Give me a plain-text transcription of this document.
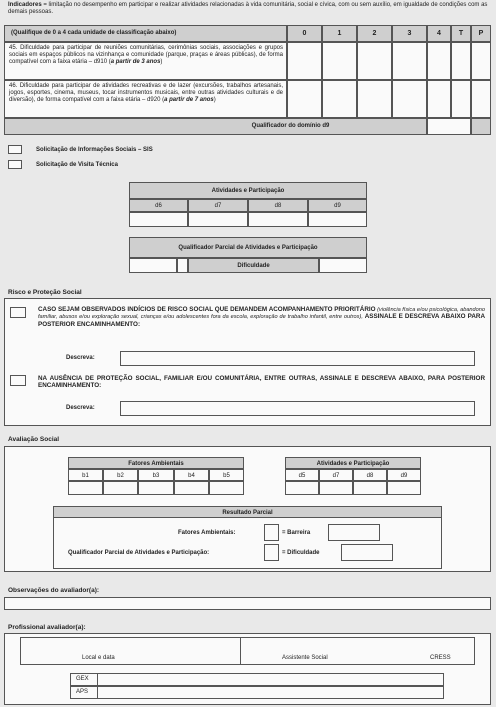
Indicadores = limitação no desempenho em participar e realizar atividades relacionadas à vida comunitária, social e cívica, com ou sem auxílio, em igualdade de condições com as demais pessoas.
(Qualifique de 0 a 4 cada unidade de classificação abaixo)	0	1	2	3	4	T	P
45. Dificuldade para participar de reuniões comunitárias, cerimônias sociais, associações e grupos sociais em espaços públicos na vizinhança e comunidade (parque, praças e áreas públicas), de forma compatível com a faixa etária – d910 (a partir de 3 anos)
46. Dificuldade para participar de atividades recreativas e de lazer (excursões, trabalhos artesanais, jogos, esportes, cinema, museus, tocar instrumentos musicais, entre outras atividades culturais e de diversão), de forma compatível com a faixa etária – d920 (a partir de 7 anos)
Qualificador do domínio d9
Solicitação de Informações Sociais – SIS
Solicitação de Visita Técnica
Atividades e Participação
d6	d7	d8	d9
Qualificador Parcial de Atividades e Participação
Dificuldade
Risco e Proteção Social
CASO SEJAM OBSERVADOS INDÍCIOS DE RISCO SOCIAL QUE DEMANDEM ACOMPANHAMENTO PRIORITÁRIO (violência física e/ou psicológica, abandono familiar, abusos e/ou exploração sexual, crianças e/ou adolescentes fora da escola, exploração de trabalho infantil, entre outros), ASSINALE E DESCREVA ABAIXO PARA POSTERIOR ENCAMINHAMENTO:
Descreva:
NA AUSÊNCIA DE PROTEÇÃO SOCIAL, FAMILIAR E/OU COMUNITÁRIA, ENTRE OUTRAS, ASSINALE E DESCREVA ABAIXO, PARA POSTERIOR ENCAMINHAMENTO:
Descreva:
Avaliação Social
Fatores Ambientais
b1	b2	b3	b4	b5
Atividades e Participação
d5	d7	d8	d9
Resultado Parcial
Fatores Ambientais:	= Barreira
Qualificador Parcial de Atividades e Participação:	= Dificuldade
Observações do avaliador(a):
Profissional avaliador(a):
Local e data	Assistente Social	CRESS
GEX
APS
